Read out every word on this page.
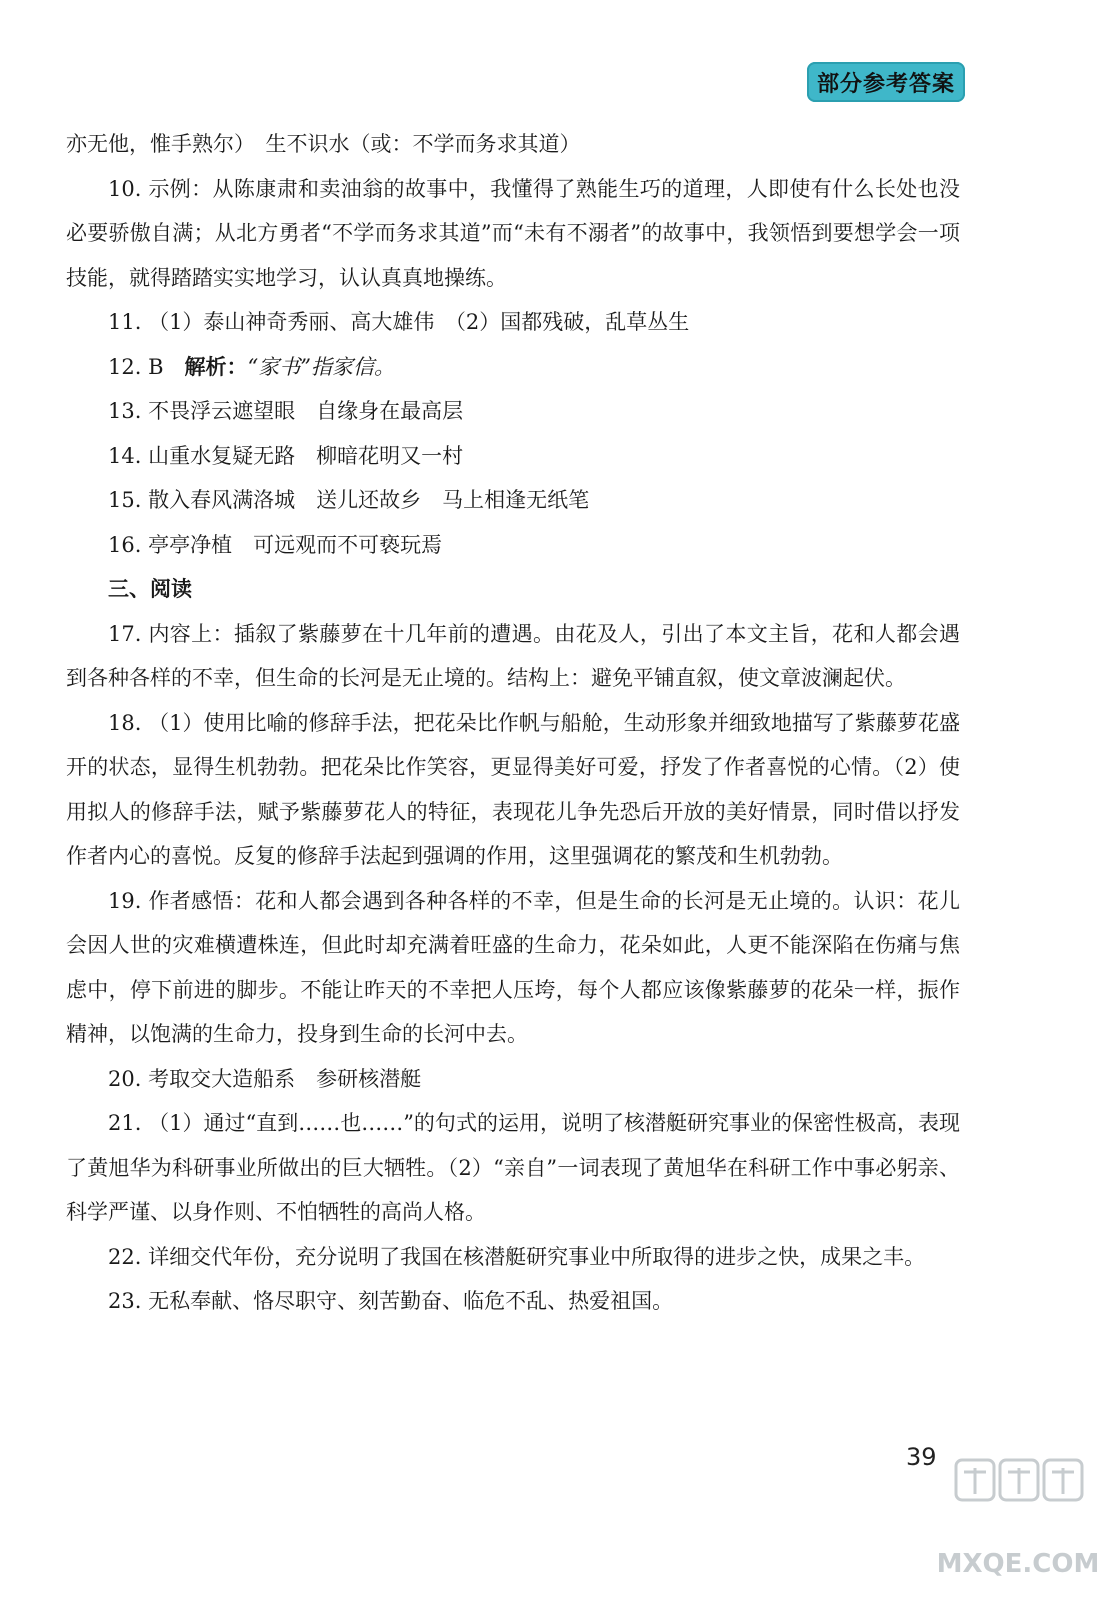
部分参考答案

亦无他，惟手熟尔）　生不识水（或：不学而务求其道）

10. 示例：从陈康肃和卖油翁的故事中，我懂得了熟能生巧的道理，人即使有什么长处也没必要骄傲自满；从北方勇者“不学而务求其道”而“未有不溺者”的故事中，我领悟到要想学会一项技能，就得踏踏实实地学习，认认真真地操练。

11. （1）泰山神奇秀丽、高大雄伟　（2）国都残破，乱草丛生

12. B　解析：“家书”指家信。

13. 不畏浮云遮望眼　自缘身在最高层

14. 山重水复疑无路　柳暗花明又一村

15. 散入春风满洛城　送儿还故乡　马上相逢无纸笔

16. 亭亭净植　可远观而不可亵玩焉

三、阅读

17. 内容上：插叙了紫藤萝在十几年前的遭遇。由花及人，引出了本文主旨，花和人都会遇到各种各样的不幸，但生命的长河是无止境的。结构上：避免平铺直叙，使文章波澜起伏。

18. （1）使用比喻的修辞手法，把花朵比作帆与船舱，生动形象并细致地描写了紫藤萝花盛开的状态，显得生机勃勃。把花朵比作笑容，更显得美好可爱，抒发了作者喜悦的心情。（2）使用拟人的修辞手法，赋予紫藤萝花人的特征，表现花儿争先恐后开放的美好情景，同时借以抒发作者内心的喜悦。反复的修辞手法起到强调的作用，这里强调花的繁茂和生机勃勃。

19. 作者感悟：花和人都会遇到各种各样的不幸，但是生命的长河是无止境的。认识：花儿会因人世的灾难横遭株连，但此时却充满着旺盛的生命力，花朵如此，人更不能深陷在伤痛与焦虑中，停下前进的脚步。不能让昨天的不幸把人压垮，每个人都应该像紫藤萝的花朵一样，振作精神，以饱满的生命力，投身到生命的长河中去。

20. 考取交大造船系　参研核潜艇

21. （1）通过“直到……也……”的句式的运用，说明了核潜艇研究事业的保密性极高，表现了黄旭华为科研事业所做出的巨大牺牲。（2）“亲自”一词表现了黄旭华在科研工作中事必躬亲、科学严谨、以身作则、不怕牺牲的高尚人格。

22. 详细交代年份，充分说明了我国在核潜艇研究事业中所取得的进步之快，成果之丰。

23. 无私奉献、恪尽职守、刻苦勤奋、临危不乱、热爱祖国。

39
MXQE.COM
